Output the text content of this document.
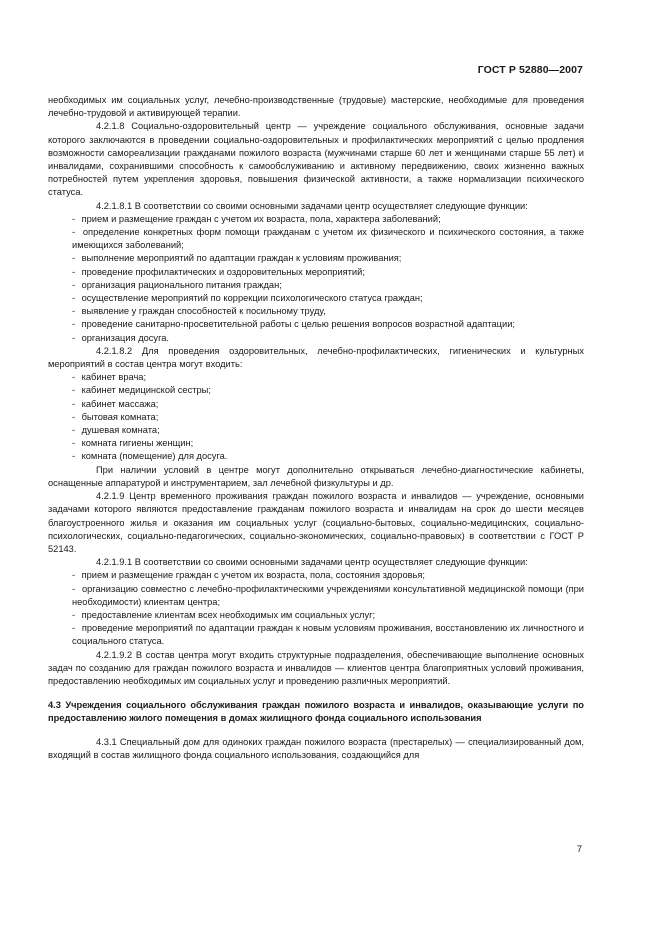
ГОСТ Р 52880—2007

необходимых им социальных услуг, лечебно-производственные (трудовые) мастерские, необходимые для проведения лечебно-трудовой и активирующей терапии.

4.2.1.8 Социально-оздоровительный центр — учреждение социального обслуживания, основные задачи которого заключаются в проведении социально-оздоровительных и профилактических мероприятий с целью продления возможности самореализации гражданами пожилого возраста (мужчинами старше 60 лет и женщинами старше 55 лет) и инвалидами, сохранившими способность к самообслуживанию и активному передвижению, своих жизненно важных потребностей путем укрепления здоровья, повышения физической активности, а также нормализации психического статуса.

4.2.1.8.1 В соответствии со своими основными задачами центр осуществляет следующие функции:

- прием и размещение граждан с учетом их возраста, пола, характера заболеваний;
- определение конкретных форм помощи гражданам с учетом их физического и психического состояния, а также имеющихся заболеваний;
- выполнение мероприятий по адаптации граждан к условиям проживания;
- проведение профилактических и оздоровительных мероприятий;
- организация рационального питания граждан;
- осуществление мероприятий по коррекции психологического статуса граждан;
- выявление у граждан способностей к посильному труду,
- проведение санитарно-просветительной работы с целью решения вопросов возрастной адаптации;
- организация досуга.

4.2.1.8.2 Для проведения оздоровительных, лечебно-профилактических, гигиенических и культурных мероприятий в состав центра могут входить:

- кабинет врача;
- кабинет медицинской сестры;
- кабинет массажа;
- бытовая комната;
- душевая комната;
- комната гигиены женщин;
- комната (помещение) для досуга.

При наличии условий в центре могут дополнительно открываться лечебно-диагностические кабинеты, оснащенные аппаратурой и инструментарием, зал лечебной физкультуры и др.

4.2.1.9 Центр временного проживания граждан пожилого возраста и инвалидов — учреждение, основными задачами которого являются предоставление гражданам пожилого возраста и инвалидам на срок до шести месяцев благоустроенного жилья и оказания им социальных услуг (социально-бытовых, социально-медицинских, социально-психологических, социально-педагогических, социально-экономических, социально-правовых) в соответствии с ГОСТ Р 52143.

4.2.1.9.1 В соответствии со своими основными задачами центр осуществляет следующие функции:

- прием и размещение граждан с учетом их возраста, пола, состояния здоровья;
- организацию совместно с лечебно-профилактическими учреждениями консультативной медицинской помощи (при необходимости) клиентам центра;
- предоставление клиентам всех необходимых им социальных услуг;
- проведение мероприятий по адаптации граждан к новым условиям проживания, восстановлению их личностного и социального статуса.

4.2.1.9.2 В состав центра могут входить структурные подразделения, обеспечивающие выполнение основных задач по созданию для граждан пожилого возраста и инвалидов — клиентов центра благоприятных условий проживания, предоставлению необходимых им социальных услуг и проведению различных мероприятий.

4.3 Учреждения социального обслуживания граждан пожилого возраста и инвалидов, оказывающие услуги по предоставлению жилого помещения в домах жилищного фонда социального использования

4.3.1 Специальный дом для одиноких граждан пожилого возраста (престарелых) — специализированный дом, входящий в состав жилищного фонда социального использования, создающийся для

7
